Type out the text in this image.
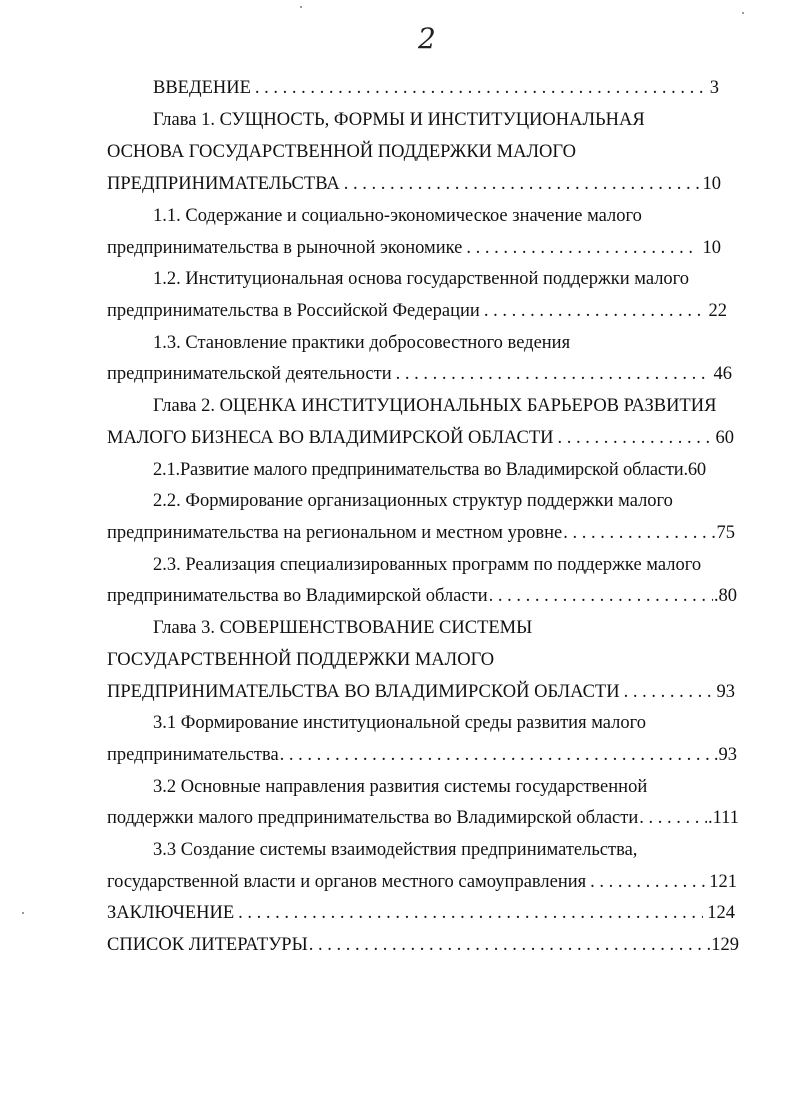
2
ВВЕДЕНИЕ . . .	3
Глава 1. СУЩНОСТЬ, ФОРМЫ И ИНСТИТУЦИОНАЛЬНАЯ
ОСНОВА ГОСУДАРСТВЕННОЙ ПОДДЕРЖКИ МАЛОГО
ПРЕДПРИНИМАТЕЛЬСТВА . . .	10
1.1. Содержание и социально-экономическое значение малого
предпринимательства в рыночной экономике . . .	10
1.2. Институциональная основа государственной поддержки малого
предпринимательства в Российской Федерации . . .	22
1.3. Становление практики добросовестного ведения
предпринимательской деятельности . . .	46
Глава 2. ОЦЕНКА ИНСТИТУЦИОНАЛЬНЫХ БАРЬЕРОВ РАЗВИТИЯ
МАЛОГО БИЗНЕСА ВО ВЛАДИМИРСКОЙ ОБЛАСТИ . . .	60
2.1.Развитие малого предпринимательства во Владимирской области.60
2.2. Формирование организационных структур поддержки малого
предпринимательства на региональном и местном уровне . . .	75
2.3. Реализация специализированных программ по поддержке малого
предпринимательства во Владимирской области . . .	.80
Глава 3. СОВЕРШЕНСТВОВАНИЕ СИСТЕМЫ
ГОСУДАРСТВЕННОЙ ПОДДЕРЖКИ МАЛОГО
ПРЕДПРИНИМАТЕЛЬСТВА ВО ВЛАДИМИРСКОЙ ОБЛАСТИ . . .	93
3.1 Формирование институциональной среды развития малого
предпринимательства . . .	.93
3.2 Основные направления развития системы государственной
поддержки малого предпринимательства во Владимирской области . . .	.111
3.3 Создание системы взаимодействия предпринимательства,
государственной власти и органов местного самоуправления . . .	121
ЗАКЛЮЧЕНИЕ . . .	124
СПИСОК ЛИТЕРАТУРЫ . . .	129
